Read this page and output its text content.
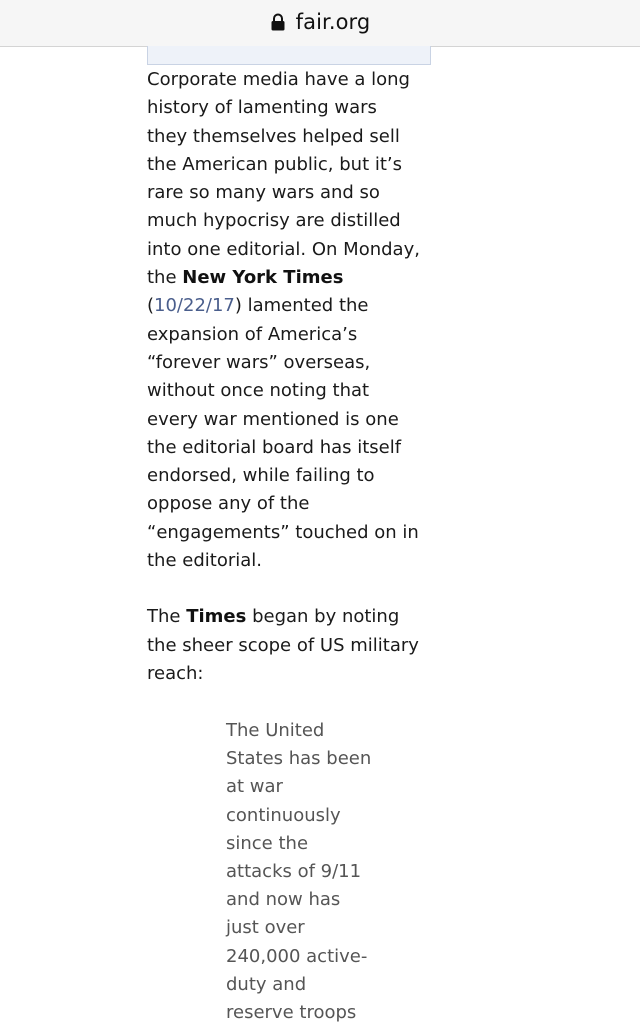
fair.org

Corporate media have a long history of lamenting wars they themselves helped sell the American public, but it’s rare so many wars and so much hypocrisy are distilled into one editorial. On Monday, the New York Times (10/22/17) lamented the expansion of America’s “forever wars” overseas, without once noting that every war mentioned is one the editorial board has itself endorsed, while failing to oppose any of the “engagements” touched on in the editorial.

The Times began by noting the sheer scope of US military reach:

The United States has been at war continuously since the attacks of 9/11 and now has just over 240,000 active-duty and reserve troops
